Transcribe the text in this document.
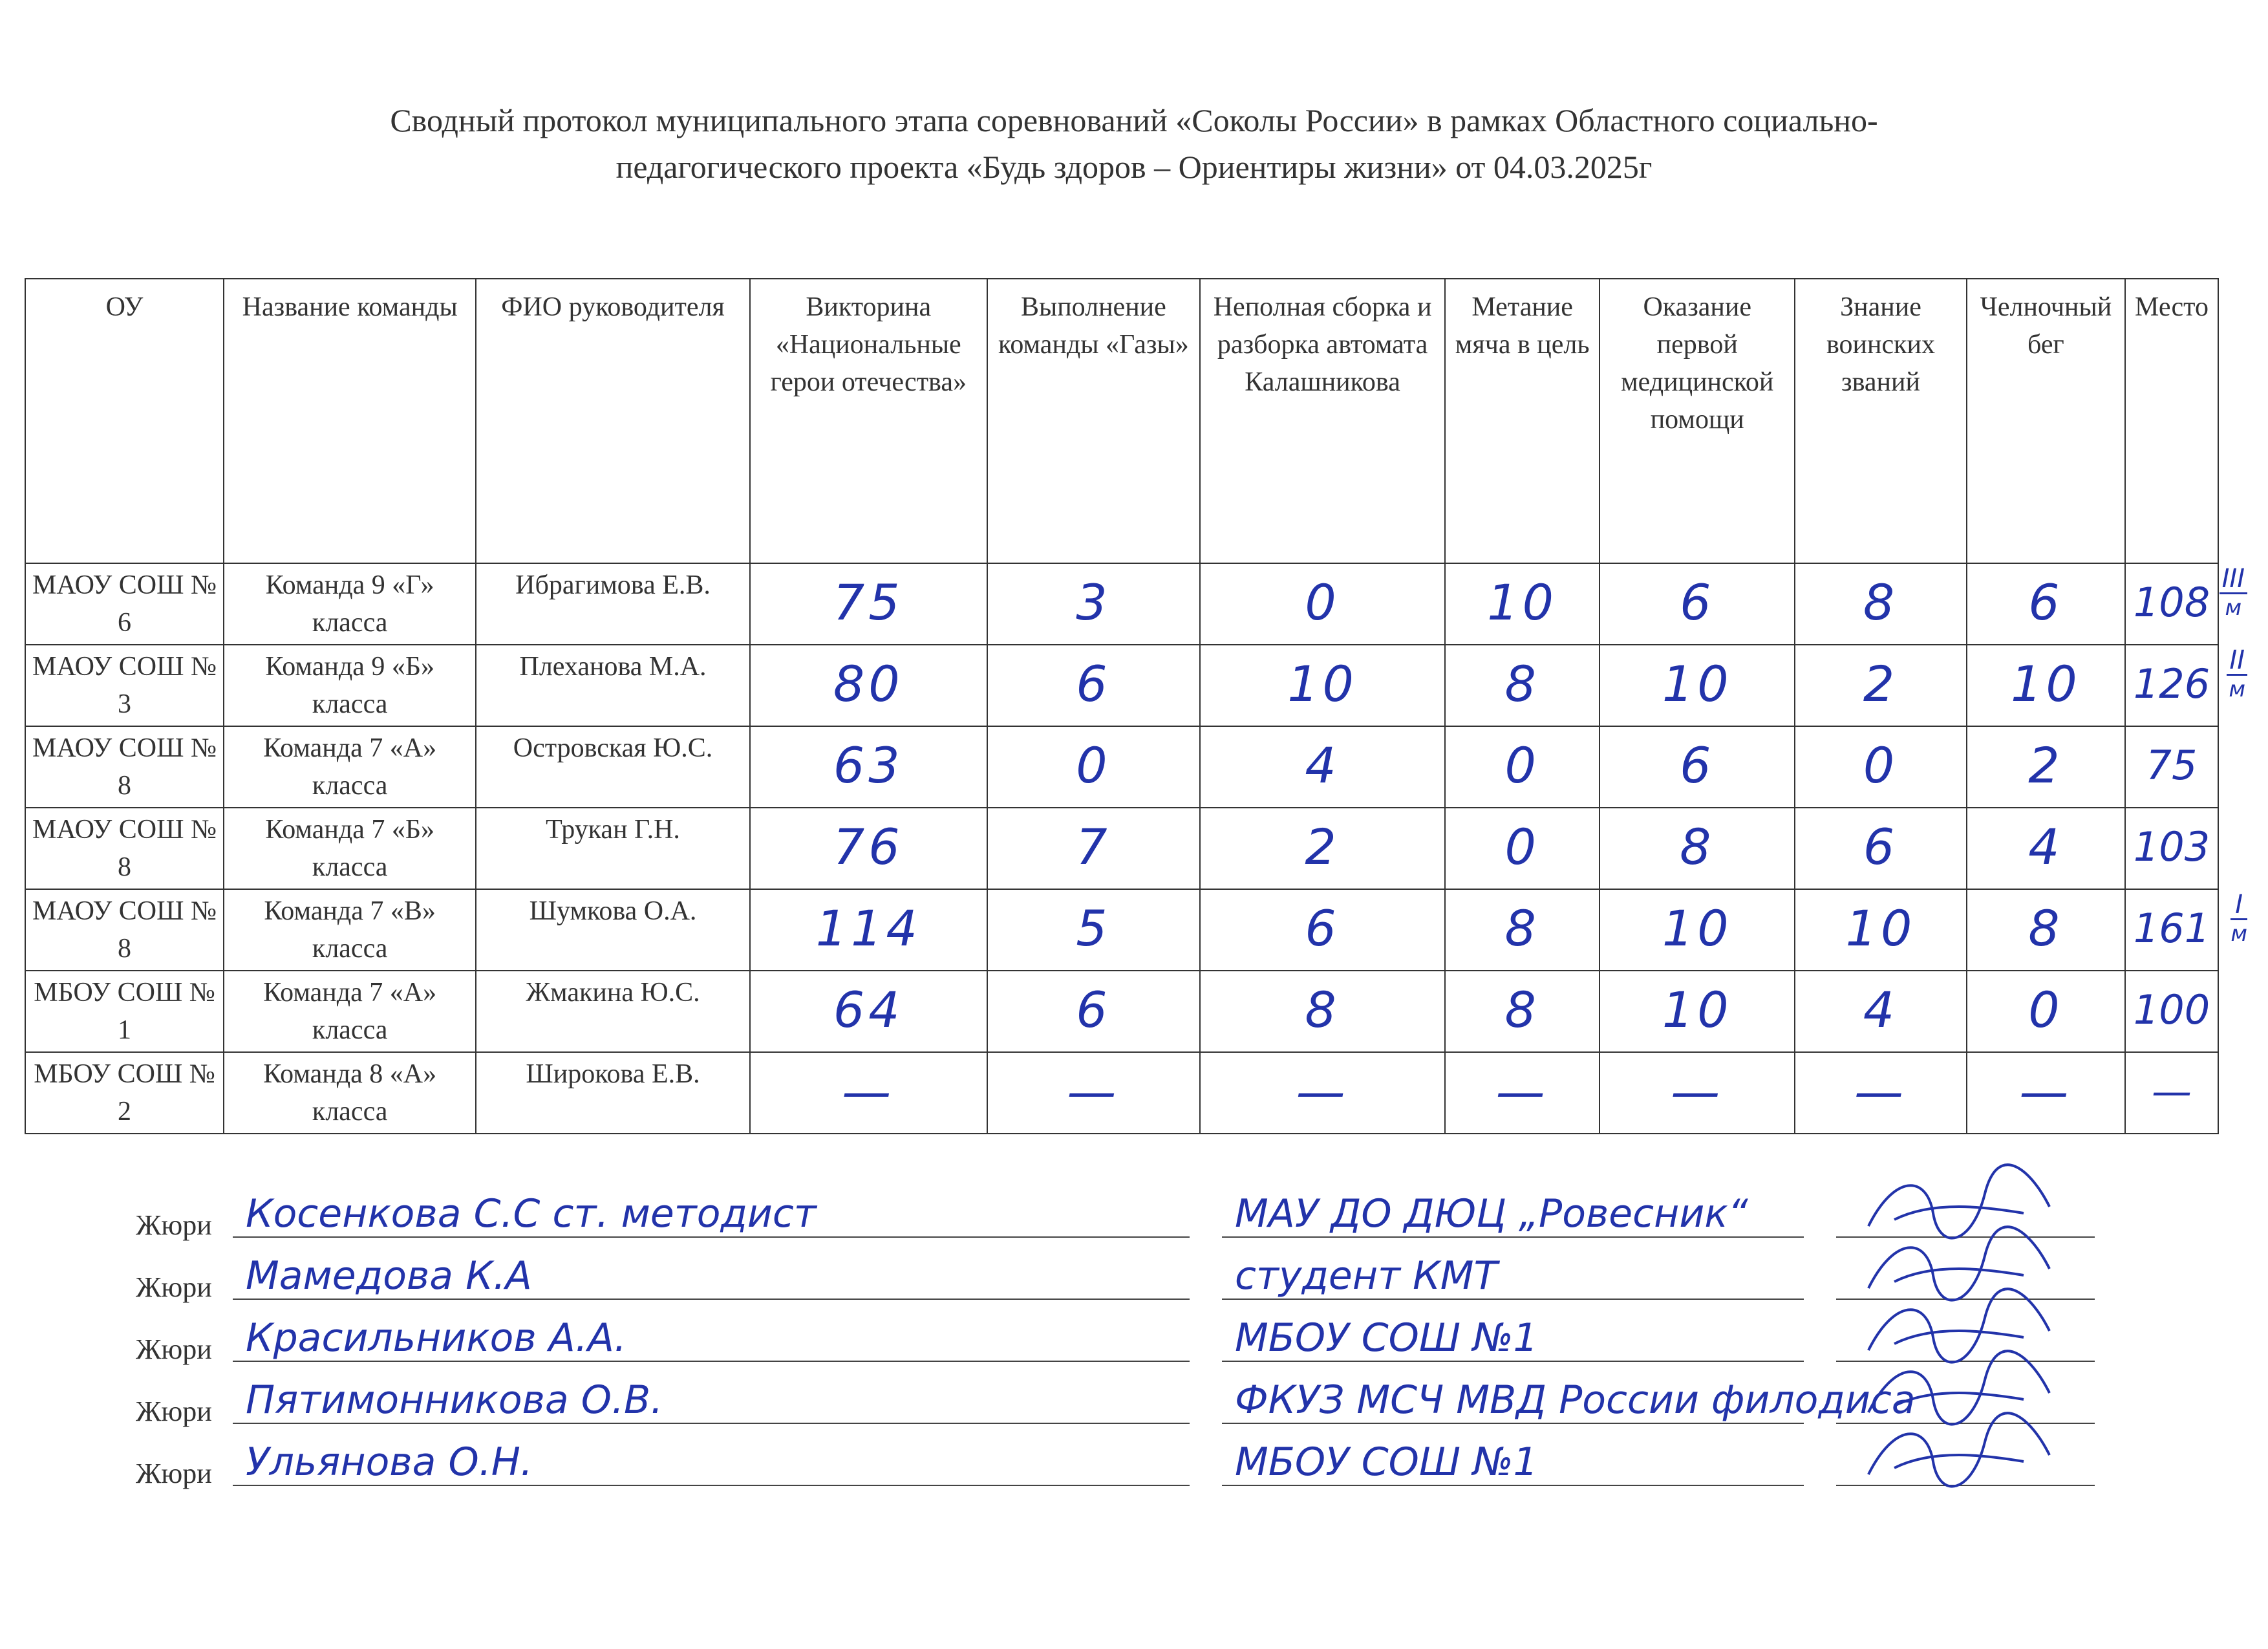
Сводный протокол муниципального этапа соревнований «Соколы России» в рамках Областного социально-
педагогического проекта «Будь здоров – Ориентиры жизни» от 04.03.2025г
ОУ	Название команды	ФИО руководителя	Викторина «Национальные герои отечества»	Выполнение команды «Газы»	Неполная сборка и разборка автомата Калашникова	Метание мяча в цель	Оказание первой медицинской помощи	Знание воинских званий	Челночный бег	Место
МАОУ СОШ № 6	Команда 9 «Г» класса	Ибрагимова Е.В.	75	3	0	10	6	8	6	108 III
м

МАОУ СОШ № 3	Команда 9 «Б» класса	Плеханова М.А.	80	6	10	8	10	2	10	126 II
м

МАОУ СОШ № 8	Команда 7 «А» класса	Островская Ю.С.	63	0	4	0	6	0	2	75

МАОУ СОШ № 8	Команда 7 «Б» класса	Трукан Г.Н.	76	7	2	0	8	6	4	103

МАОУ СОШ № 8	Команда 7 «В» класса	Шумкова О.А.	114	5	6	8	10	10	8	161 I
м

МБОУ СОШ № 1	Команда 7 «А» класса	Жмакина Ю.С.	64	6	8	8	10	4	0	100

МБОУ СОШ № 2	Команда 8 «А» класса	Широкова Е.В.	—	—	—	—	—	—	—	—
Жюри Косенкова С.С ст. методист	МАУ ДО ДЮЦ „Ровесник“
Жюри Мамедова К.А	студент КМТ
Жюри Красильников А.А.	МБОУ СОШ №1
Жюри Пятимонникова О.В.	ФКУЗ МСЧ МВД России филодиса
Жюри Ульянова О.Н.	МБОУ СОШ №1
